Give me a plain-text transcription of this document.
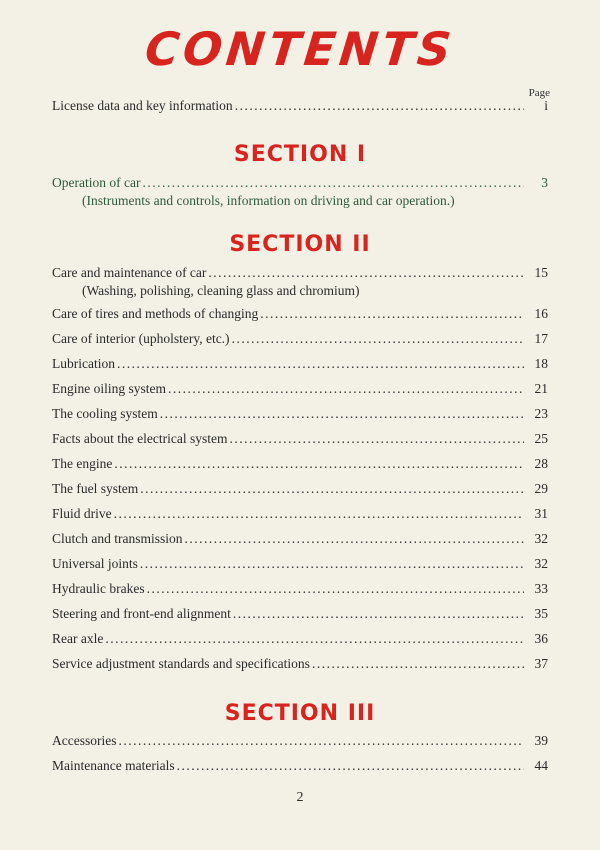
CONTENTS
Page
License data and key information .....	i
SECTION I
Operation of car .....	3
(Instruments and controls, information on driving and car operation.)
SECTION II
Care and maintenance of car .....	15
(Washing, polishing, cleaning glass and chromium)
Care of tires and methods of changing .....	16
Care of interior (upholstery, etc.) .....	17
Lubrication .....	18
Engine oiling system .....	21
The cooling system .....	23
Facts about the electrical system .....	25
The engine .....	28
The fuel system .....	29
Fluid drive .....	31
Clutch and transmission .....	32
Universal joints .....	32
Hydraulic brakes .....	33
Steering and front-end alignment .....	35
Rear axle .....	36
Service adjustment standards and specifications .....	37
SECTION III
Accessories .....	39
Maintenance materials .....	44
2
